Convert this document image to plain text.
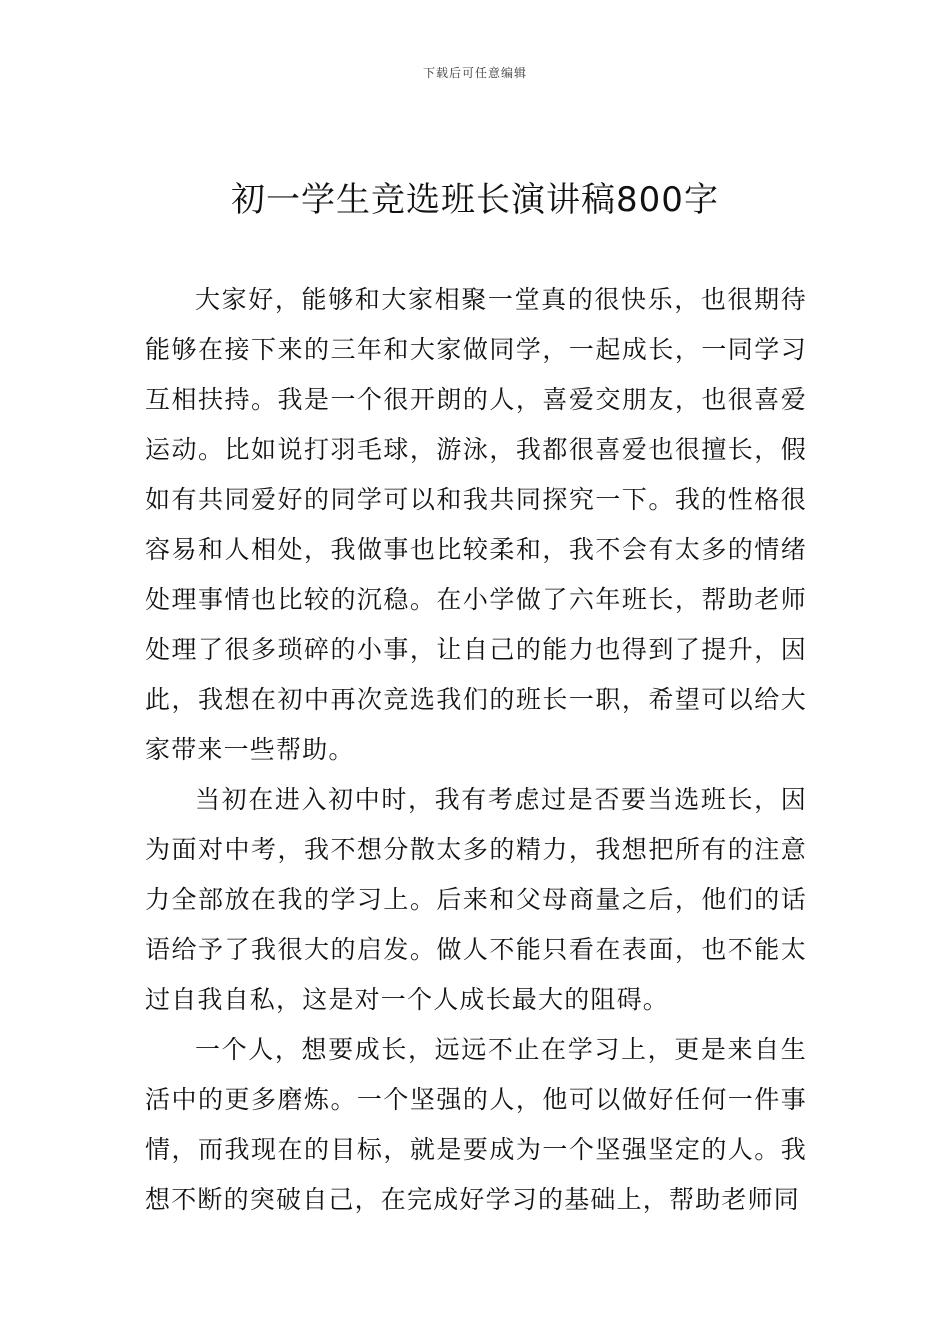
下载后可任意编辑
初一学生竞选班长演讲稿800字

大家好，能够和大家相聚一堂真的很快乐，也很期待能够在接下来的三年和大家做同学，一起成长，一同学习互相扶持。我是一个很开朗的人，喜爱交朋友，也很喜爱运动。比如说打羽毛球，游泳，我都很喜爱也很擅长，假如有共同爱好的同学可以和我共同探究一下。我的性格很容易和人相处，我做事也比较柔和，我不会有太多的情绪处理事情也比较的沉稳。在小学做了六年班长，帮助老师处理了很多琐碎的小事，让自己的能力也得到了提升，因此，我想在初中再次竞选我们的班长一职，希望可以给大家带来一些帮助。

当初在进入初中时，我有考虑过是否要当选班长，因为面对中考，我不想分散太多的精力，我想把所有的注意力全部放在我的学习上。后来和父母商量之后，他们的话语给予了我很大的启发。做人不能只看在表面，也不能太过自我自私，这是对一个人成长最大的阻碍。

一个人，想要成长，远远不止在学习上，更是来自生活中的更多磨炼。一个坚强的人，他可以做好任何一件事情，而我现在的目标，就是要成为一个坚强坚定的人。我想不断的突破自己，在完成好学习的基础上，帮助老师同
